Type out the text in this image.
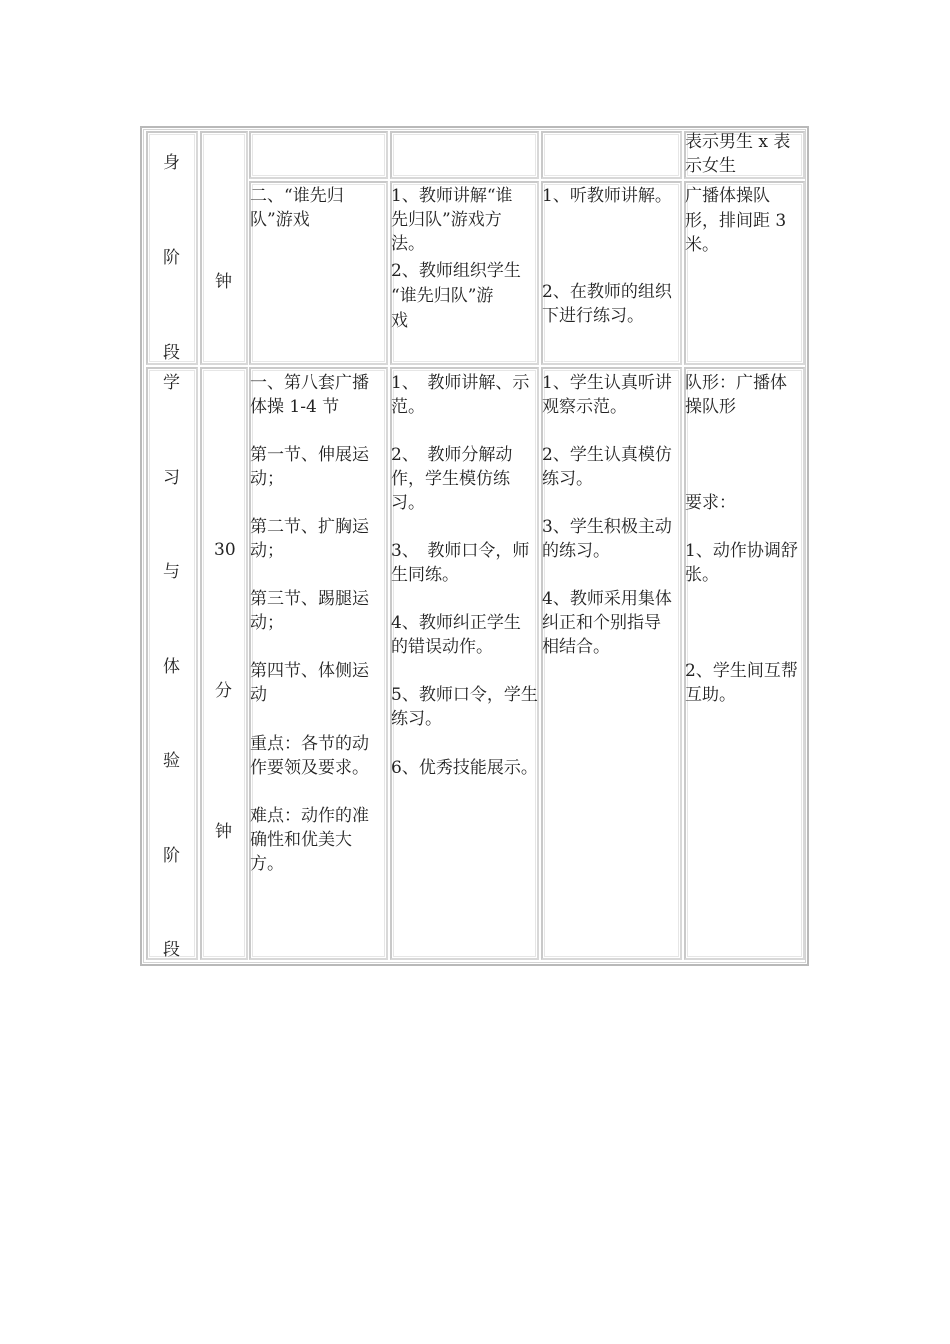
身
阶
段
钟
表示男生 x 表
示女生
二、“谁先归
队”游戏
1、教师讲解“谁
先归队”游戏方
法。
2、教师组织学生
“谁先归队”游
戏
1、听教师讲解。
2、在教师的组织
下进行练习。
广播体操队
形，排间距 3
米。
学
习
与
体
验
阶
段
30
分
钟
一、第八套广播
体操 1-4 节
第一节、伸展运
动；
第二节、扩胸运
动；
第三节、踢腿运
动；
第四节、体侧运
动
重点：各节的动
作要领及要求。
难点：动作的准
确性和优美大
方。
1、　教师讲解、示
范。
2、　教师分解动
作，学生模仿练
习。
3、　教师口令，师
生同练。
4、教师纠正学生
的错误动作。
5、教师口令，学生
练习。
6、优秀技能展示。
1、学生认真听讲
观察示范。
2、学生认真模仿
练习。
3、学生积极主动
的练习。
4、教师采用集体
纠正和个别指导
相结合。
队形：广播体
操队形
要求：
1、动作协调舒
张。
2、学生间互帮
互助。
